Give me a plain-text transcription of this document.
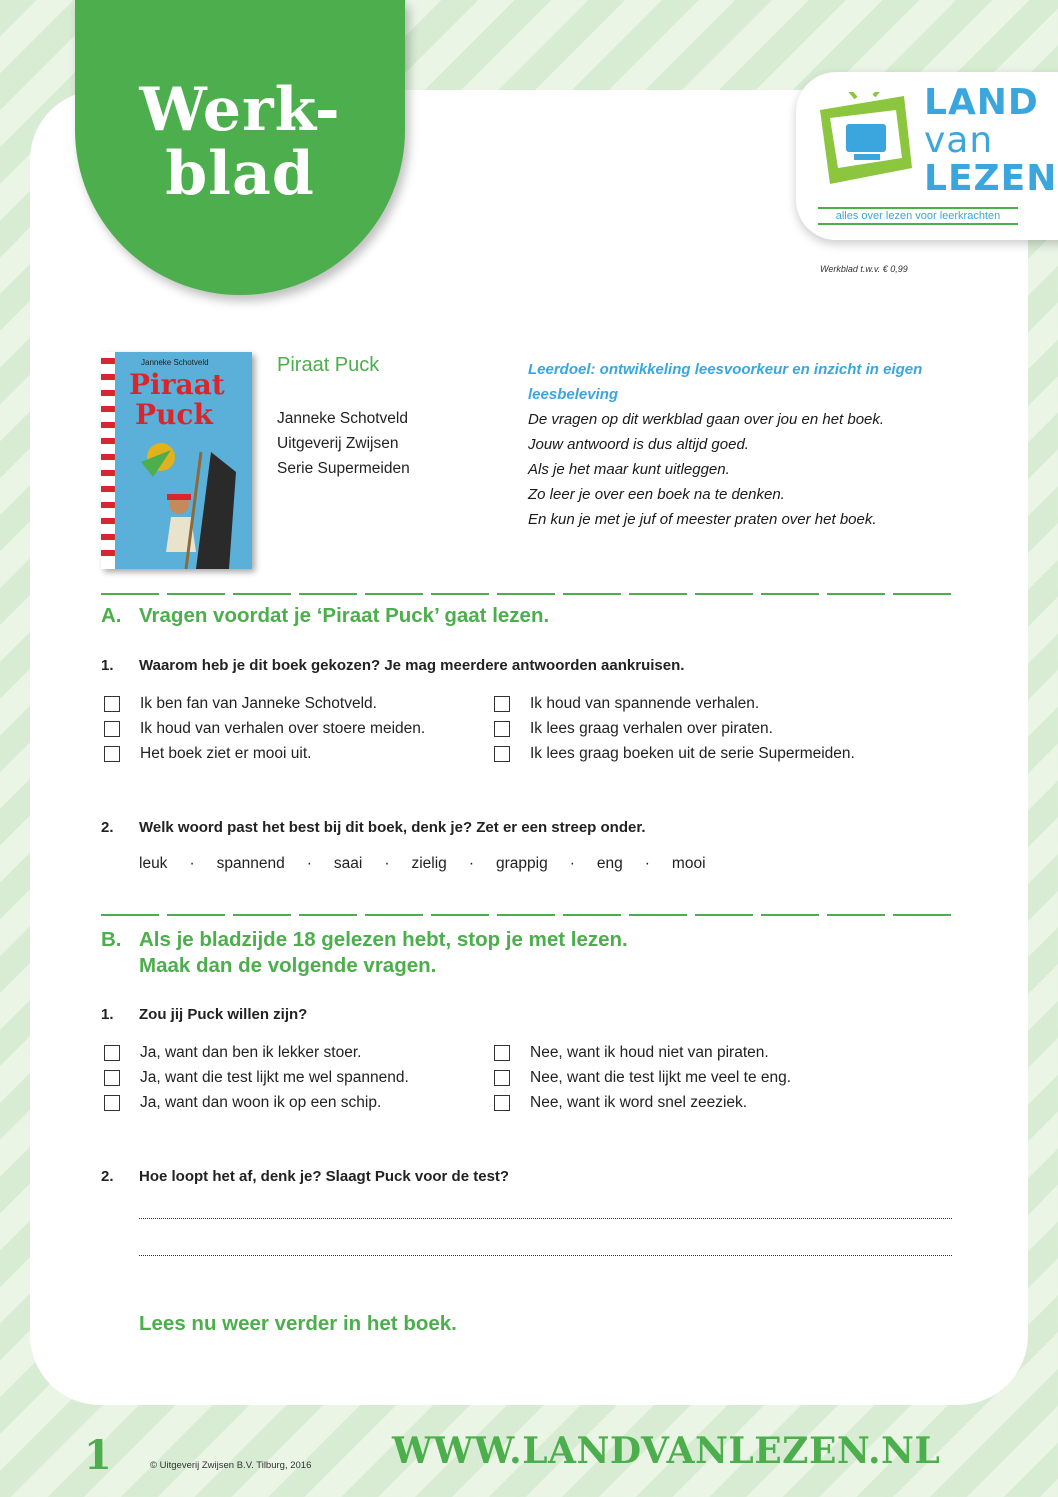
Werk-
blad
LAND
van
LEZEN
alles over lezen voor leerkrachten
Werkblad t.w.v. € 0,99
Janneke Schotveld
Piraat
Puck
Piraat Puck
Janneke Schotveld
Uitgeverij Zwijsen
Serie Supermeiden
Leerdoel: ontwikkeling leesvoorkeur en inzicht in eigen leesbeleving
De vragen op dit werkblad gaan over jou en het boek.
Jouw antwoord is dus altijd goed.
Als je het maar kunt uitleggen.
Zo leer je over een boek na te denken.
En kun je met je juf of meester praten over het boek.
A. Vragen voordat je ‘Piraat Puck’ gaat lezen.
1. Waarom heb je dit boek gekozen? Je mag meerdere antwoorden aankruisen.
Ik ben fan van Janneke Schotveld.
Ik houd van verhalen over stoere meiden.
Het boek ziet er mooi uit.
Ik houd van spannende verhalen.
Ik lees graag verhalen over piraten.
Ik lees graag boeken uit de serie Supermeiden.
2. Welk woord past het best bij dit boek, denk je? Zet er een streep onder.
leuk · spannend · saai · zielig · grappig · eng · mooi
B. Als je bladzijde 18 gelezen hebt, stop je met lezen.
Maak dan de volgende vragen.
1. Zou jij Puck willen zijn?
Ja, want dan ben ik lekker stoer.
Ja, want die test lijkt me wel spannend.
Ja, want dan woon ik op een schip.
Nee, want ik houd niet van piraten.
Nee, want die test lijkt me veel te eng.
Nee, want ik word snel zeeziek.
2. Hoe loopt het af, denk je? Slaagt Puck voor de test?
Lees nu weer verder in het boek.
1	© Uitgeverij Zwijsen B.V. Tilburg, 2016 WWW.LANDVANLEZEN.NL
